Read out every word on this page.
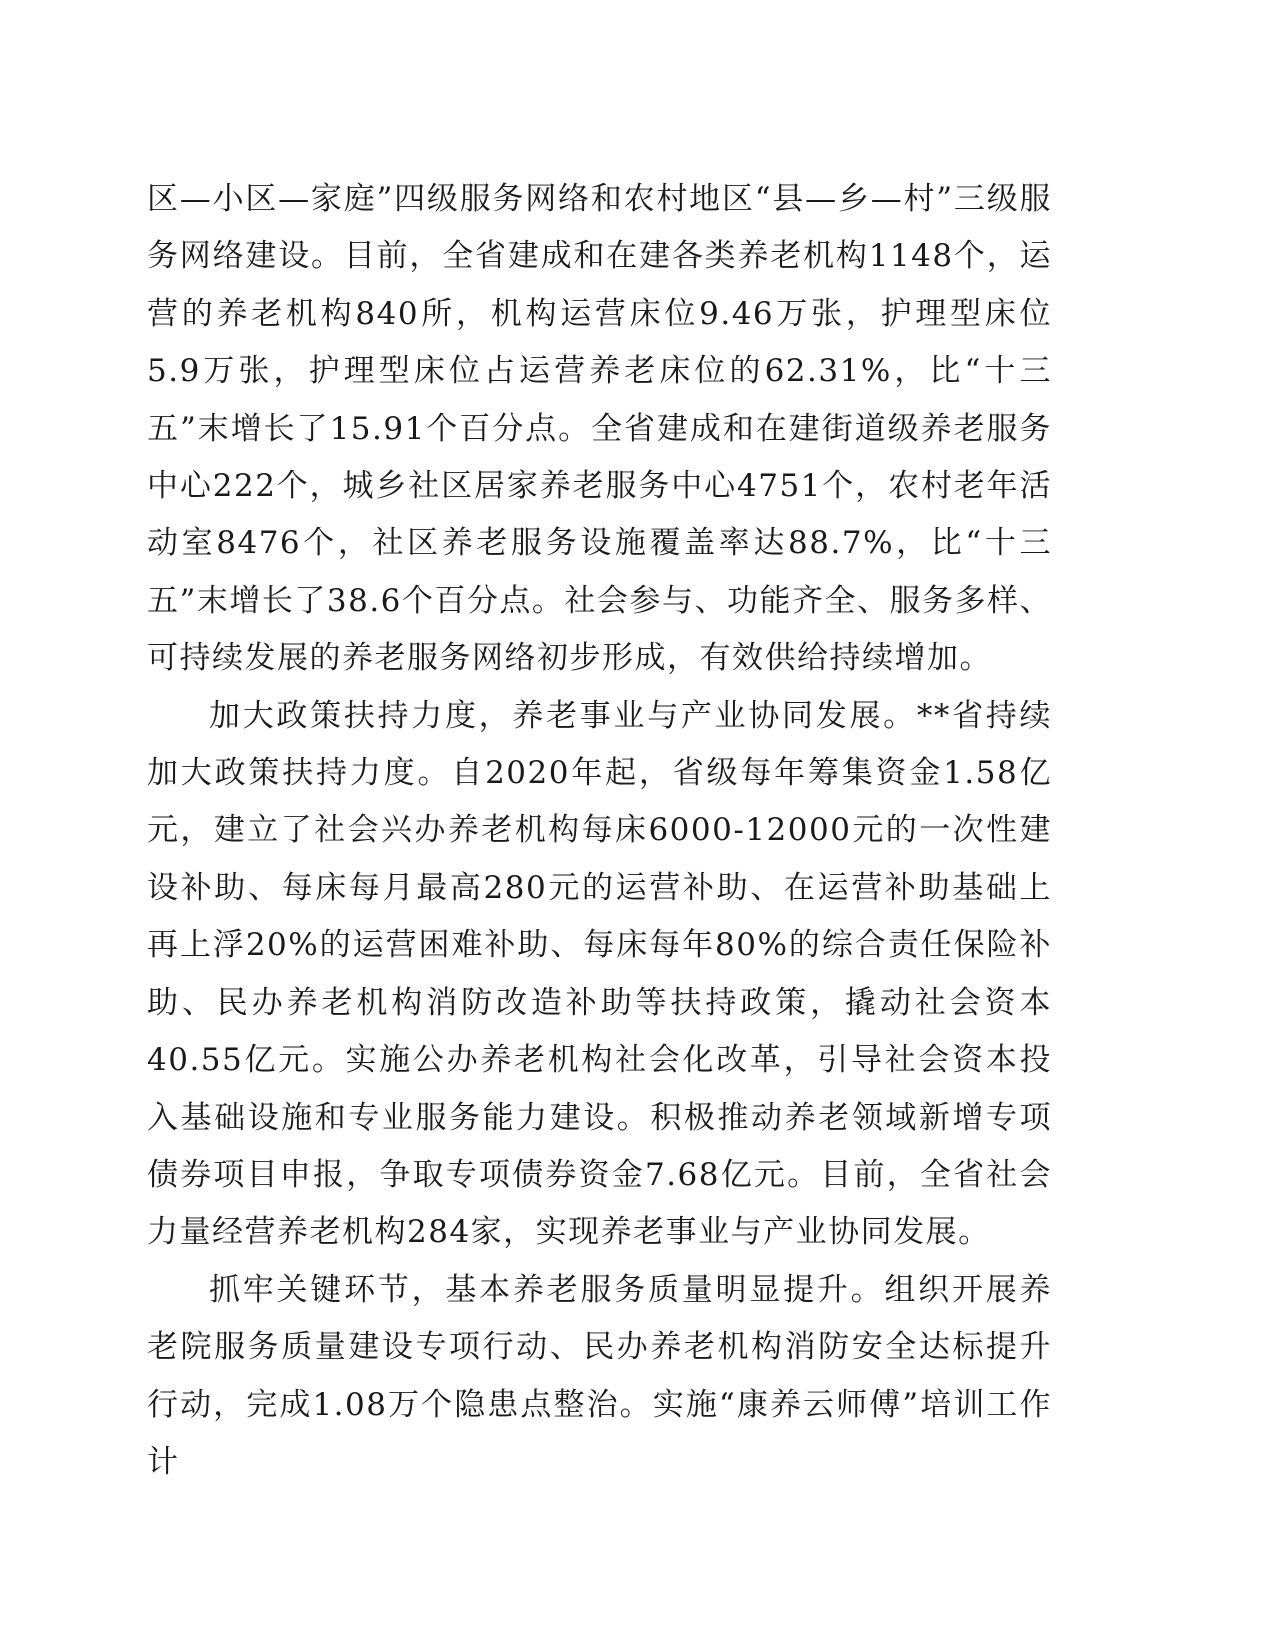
区—小区—家庭”四级服务网络和农村地区“县—乡—村”三级服务网络建设。目前，全省建成和在建各类养老机构1148个，运营的养老机构840所，机构运营床位9.46万张，护理型床位5.9万张，护理型床位占运营养老床位的62.31%，比“十三五”末增长了15.91个百分点。全省建成和在建街道级养老服务中心222个，城乡社区居家养老服务中心4751个，农村老年活动室8476个，社区养老服务设施覆盖率达88.7%，比“十三五”末增长了38.6个百分点。社会参与、功能齐全、服务多样、可持续发展的养老服务网络初步形成，有效供给持续增加。

加大政策扶持力度，养老事业与产业协同发展。**省持续加大政策扶持力度。自2020年起，省级每年筹集资金1.58亿元，建立了社会兴办养老机构每床6000-12000元的一次性建设补助、每床每月最高280元的运营补助、在运营补助基础上再上浮20%的运营困难补助、每床每年80%的综合责任保险补助、民办养老机构消防改造补助等扶持政策，撬动社会资本40.55亿元。实施公办养老机构社会化改革，引导社会资本投入基础设施和专业服务能力建设。积极推动养老领域新增专项债券项目申报，争取专项债券资金7.68亿元。目前，全省社会力量经营养老机构284家，实现养老事业与产业协同发展。

抓牢关键环节，基本养老服务质量明显提升。组织开展养老院服务质量建设专项行动、民办养老机构消防安全达标提升行动，完成1.08万个隐患点整治。实施“康养云师傅”培训工作计
